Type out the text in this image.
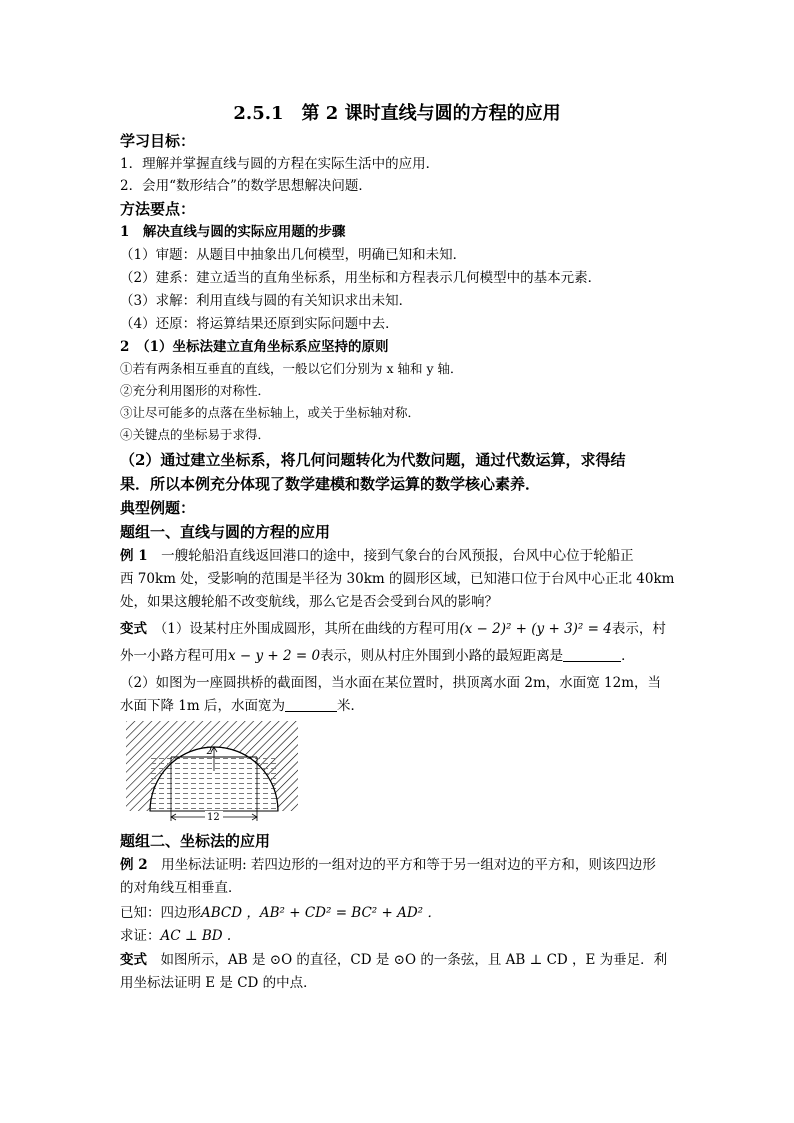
2.5.1　第 2 课时直线与圆的方程的应用
学习目标：
1．理解并掌握直线与圆的方程在实际生活中的应用．
2．会用“数形结合”的数学思想解决问题．
方法要点：
1　解决直线与圆的实际应用题的步骤
（1）审题：从题目中抽象出几何模型，明确已知和未知．
（2）建系：建立适当的直角坐标系，用坐标和方程表示几何模型中的基本元素．
（3）求解：利用直线与圆的有关知识求出未知．
（4）还原：将运算结果还原到实际问题中去．
2　（1）坐标法建立直角坐标系应坚持的原则
①若有两条相互垂直的直线，一般以它们分别为 x 轴和 y 轴．
②充分利用图形的对称性．
③让尽可能多的点落在坐标轴上，或关于坐标轴对称．
④关键点的坐标易于求得．
（2）通过建立坐标系，将几何问题转化为代数问题，通过代数运算，求得结
果．所以本例充分体现了数学建模和数学运算的数学核心素养．
典型例题：
题组一、直线与圆的方程的应用
例 1　一艘轮船沿直线返回港口的途中，接到气象台的台风预报，台风中心位于轮船正
西 70km 处，受影响的范围是半径为 30km 的圆形区域，已知港口位于台风中心正北 40km
处，如果这艘轮船不改变航线，那么它是否会受到台风的影响？
变式　（1）设某村庄外围成圆形，其所在曲线的方程可用(x − 2)² + (y + 3)² = 4表示，村
外一小路方程可用x − y + 2 = 0表示，则从村庄外围到小路的最短距离是	．
（2）如图为一座圆拱桥的截面图，当水面在某位置时，拱顶离水面 2m，水面宽 12m，当
水面下降 1m 后，水面宽为	米．
2
12
题组二、坐标法的应用
例 2　用坐标法证明: 若四边形的一组对边的平方和等于另一组对边的平方和，则该四边形
的对角线互相垂直．
已知：四边形ABCD ，AB² + CD² = BC² + AD² ．
求证：AC ⊥ BD .
变式　如图所示，AB 是 ⊙O 的直径，CD 是 ⊙O 的一条弦，且 AB ⊥ CD ，E 为垂足．利
用坐标法证明 E 是 CD 的中点．
